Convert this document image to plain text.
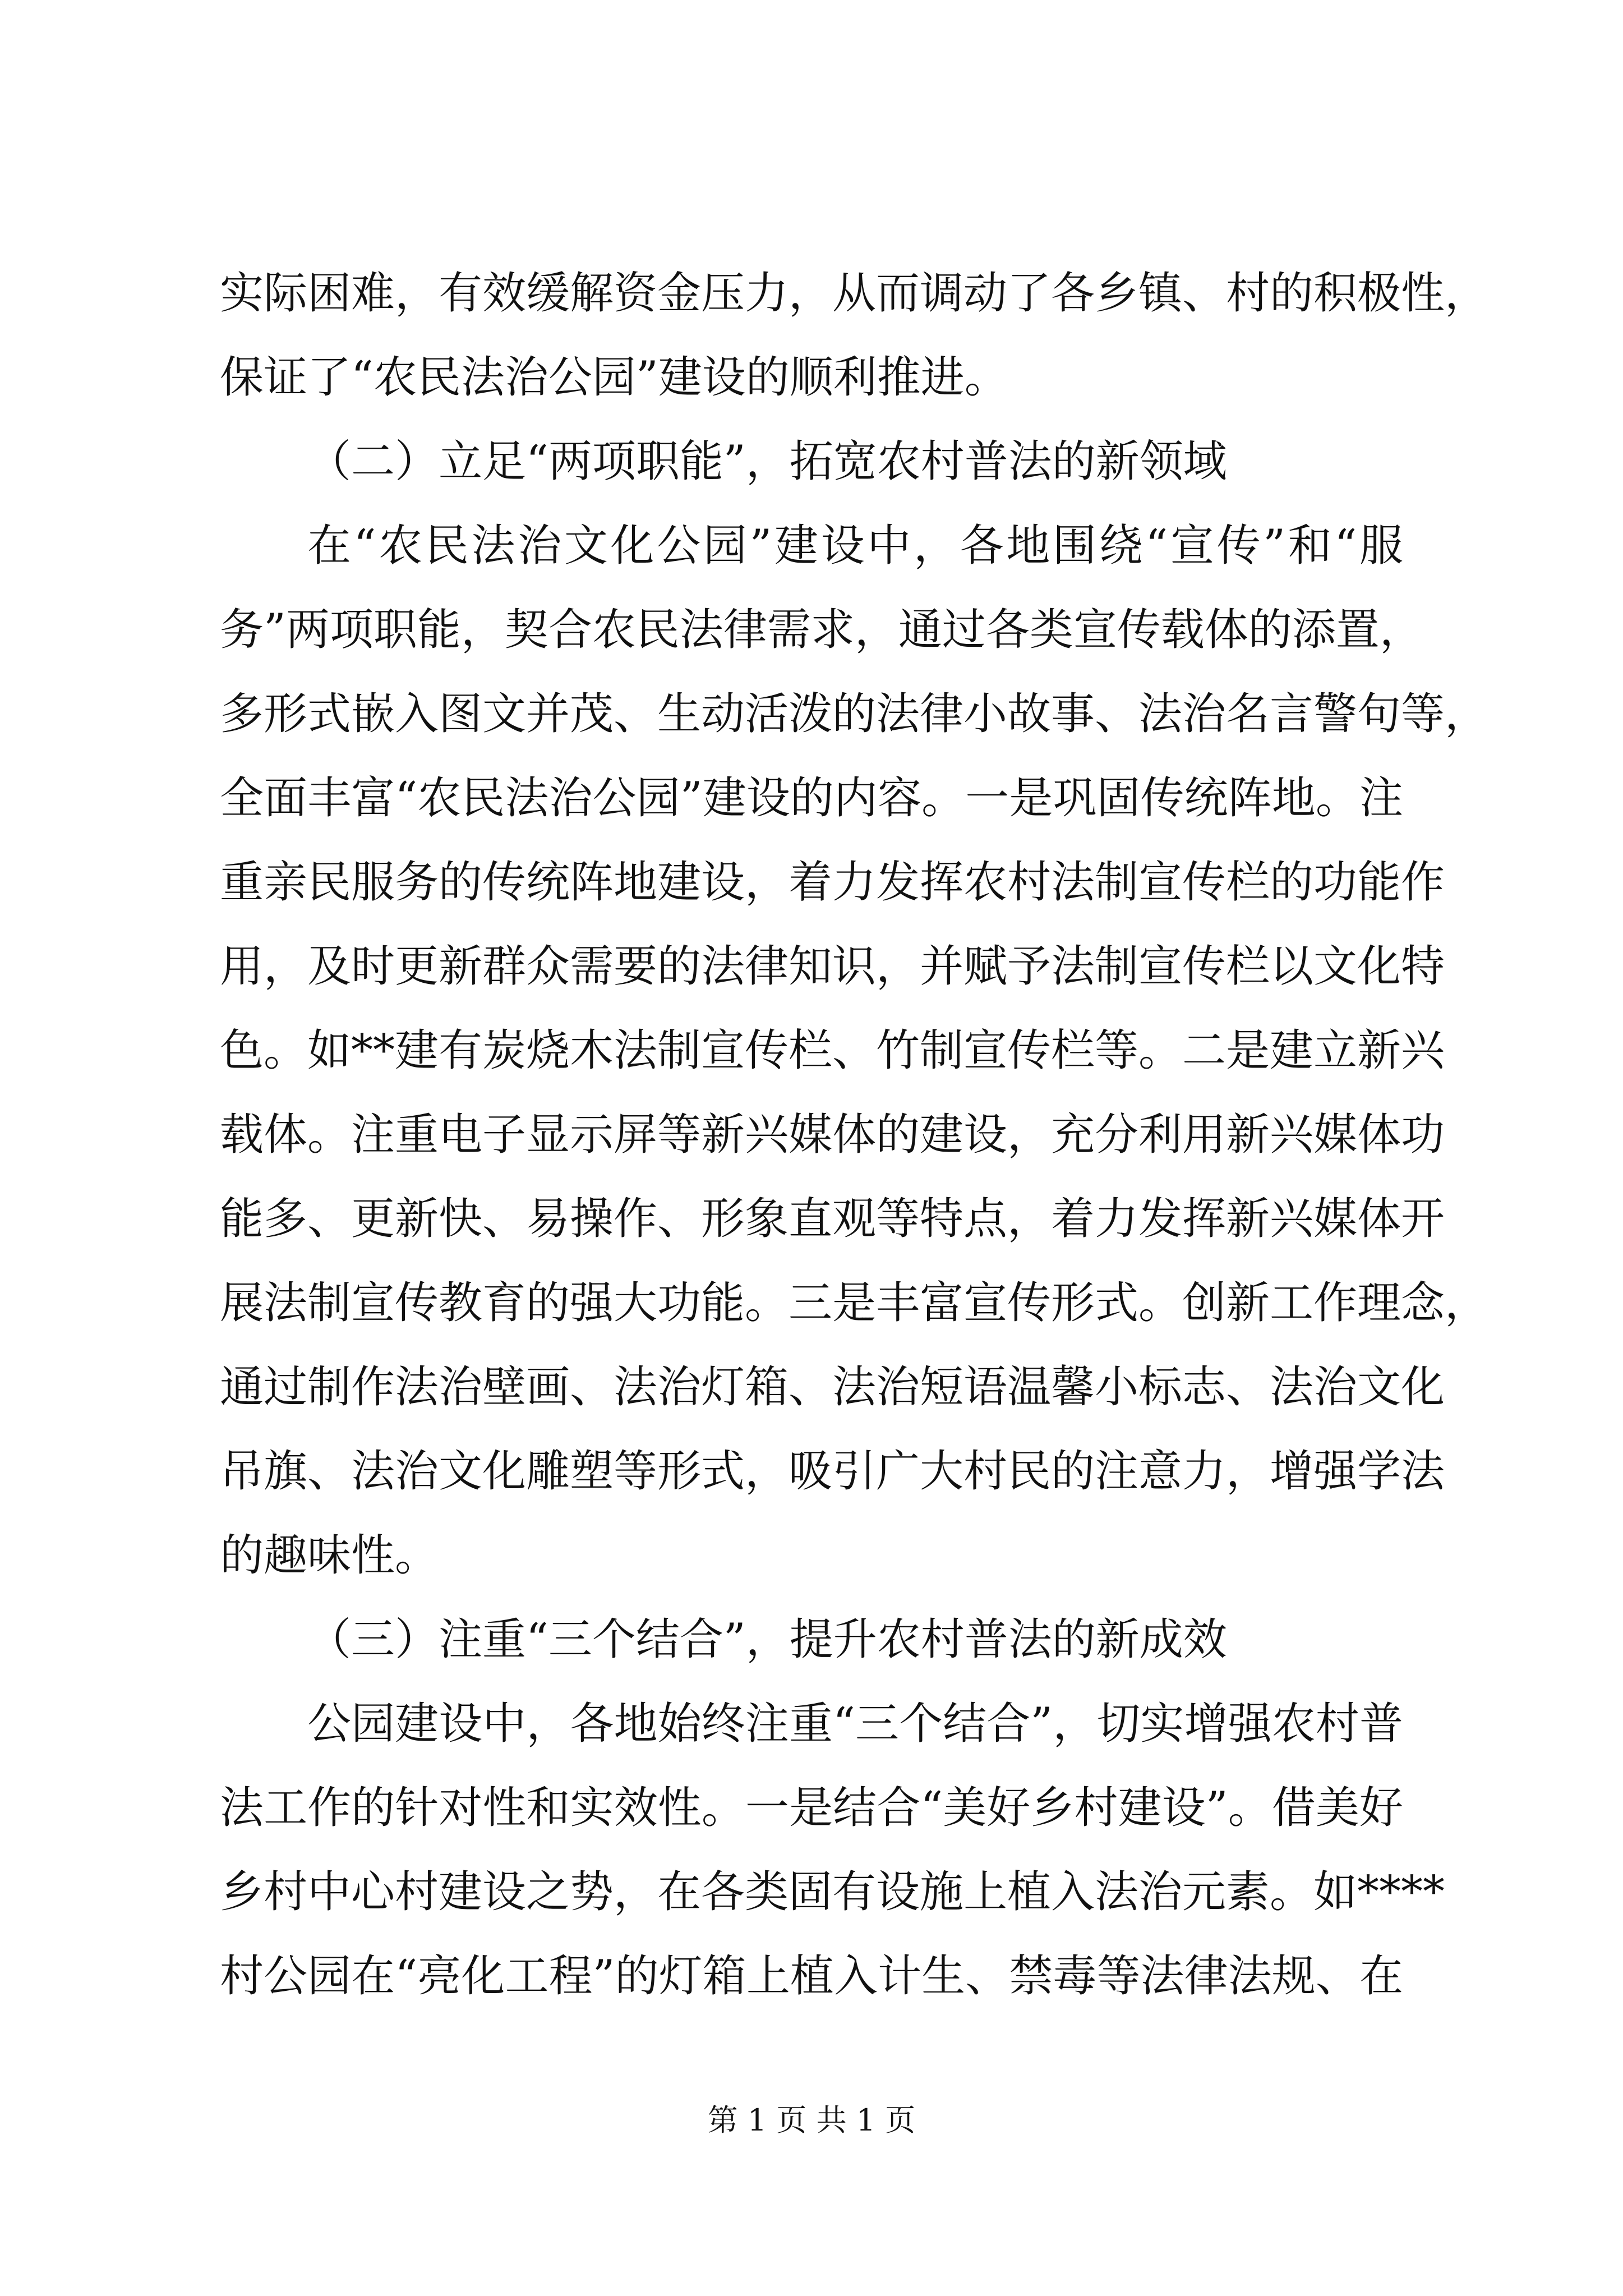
实际困难，有效缓解资金压力，从而调动了各乡镇、村的积极性，
保证了“农民法治公园”建设的顺利推进。
（二）立足“两项职能”，拓宽农村普法的新领域
在“农民法治文化公园”建设中，各地围绕“宣传”和“服
务”两项职能，契合农民法律需求，通过各类宣传载体的添置，
多形式嵌入图文并茂、生动活泼的法律小故事、法治名言警句等，
全面丰富“农民法治公园”建设的内容。一是巩固传统阵地。注
重亲民服务的传统阵地建设，着力发挥农村法制宣传栏的功能作
用，及时更新群众需要的法律知识，并赋予法制宣传栏以文化特
色。如**建有炭烧木法制宣传栏、竹制宣传栏等。二是建立新兴
载体。注重电子显示屏等新兴媒体的建设，充分利用新兴媒体功
能多、更新快、易操作、形象直观等特点，着力发挥新兴媒体开
展法制宣传教育的强大功能。三是丰富宣传形式。创新工作理念，
通过制作法治壁画、法治灯箱、法治短语温馨小标志、法治文化
吊旗、法治文化雕塑等形式，吸引广大村民的注意力，增强学法
的趣味性。
（三）注重“三个结合”，提升农村普法的新成效
公园建设中，各地始终注重“三个结合”，切实增强农村普
法工作的针对性和实效性。一是结合“美好乡村建设”。借美好
乡村中心村建设之势，在各类固有设施上植入法治元素。如****
村公园在“亮化工程”的灯箱上植入计生、禁毒等法律法规、在
第 1 页 共 1 页
